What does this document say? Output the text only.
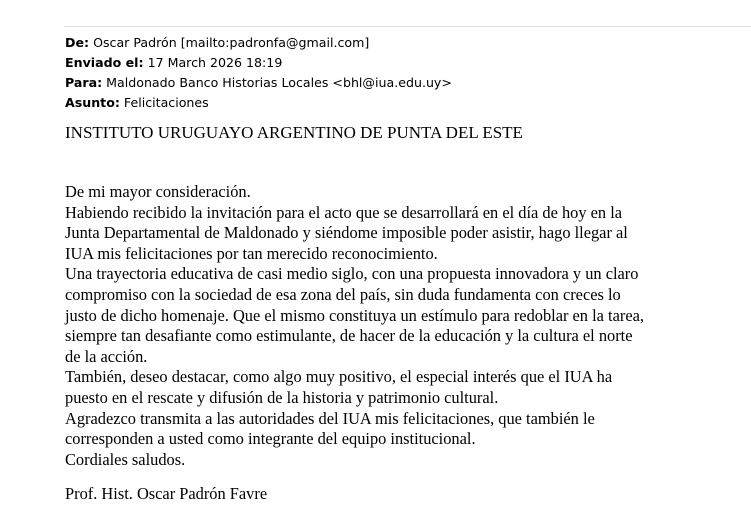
De: Oscar Padrón [mailto:padronfa@gmail.com]
Enviado el: 17 March 2026 18:19
Para: Maldonado Banco Historias Locales <bhl@iua.edu.uy>
Asunto: Felicitaciones
INSTITUTO URUGUAYO ARGENTINO DE PUNTA DEL ESTE
De mi mayor consideración.
Habiendo recibido la invitación para el acto que se desarrollará en el día de hoy en la
Junta Departamental de Maldonado y siéndome imposible poder asistir, hago llegar al
IUA mis felicitaciones por tan merecido reconocimiento.
Una trayectoria educativa de casi medio siglo, con una propuesta innovadora y un claro
compromiso con la sociedad de esa zona del país, sin duda fundamenta con creces lo
justo de dicho homenaje. Que el mismo constituya un estímulo para redoblar en la tarea,
siempre tan desafiante como estimulante, de hacer de la educación y la cultura el norte
de la acción.
También, deseo destacar, como algo muy positivo, el especial interés que el IUA ha
puesto en el rescate y difusión de la historia y patrimonio cultural.
Agradezco transmita a las autoridades del IUA mis felicitaciones, que también le
corresponden a usted como integrante del equipo institucional.
Cordiales saludos.
Prof. Hist. Oscar Padrón Favre
